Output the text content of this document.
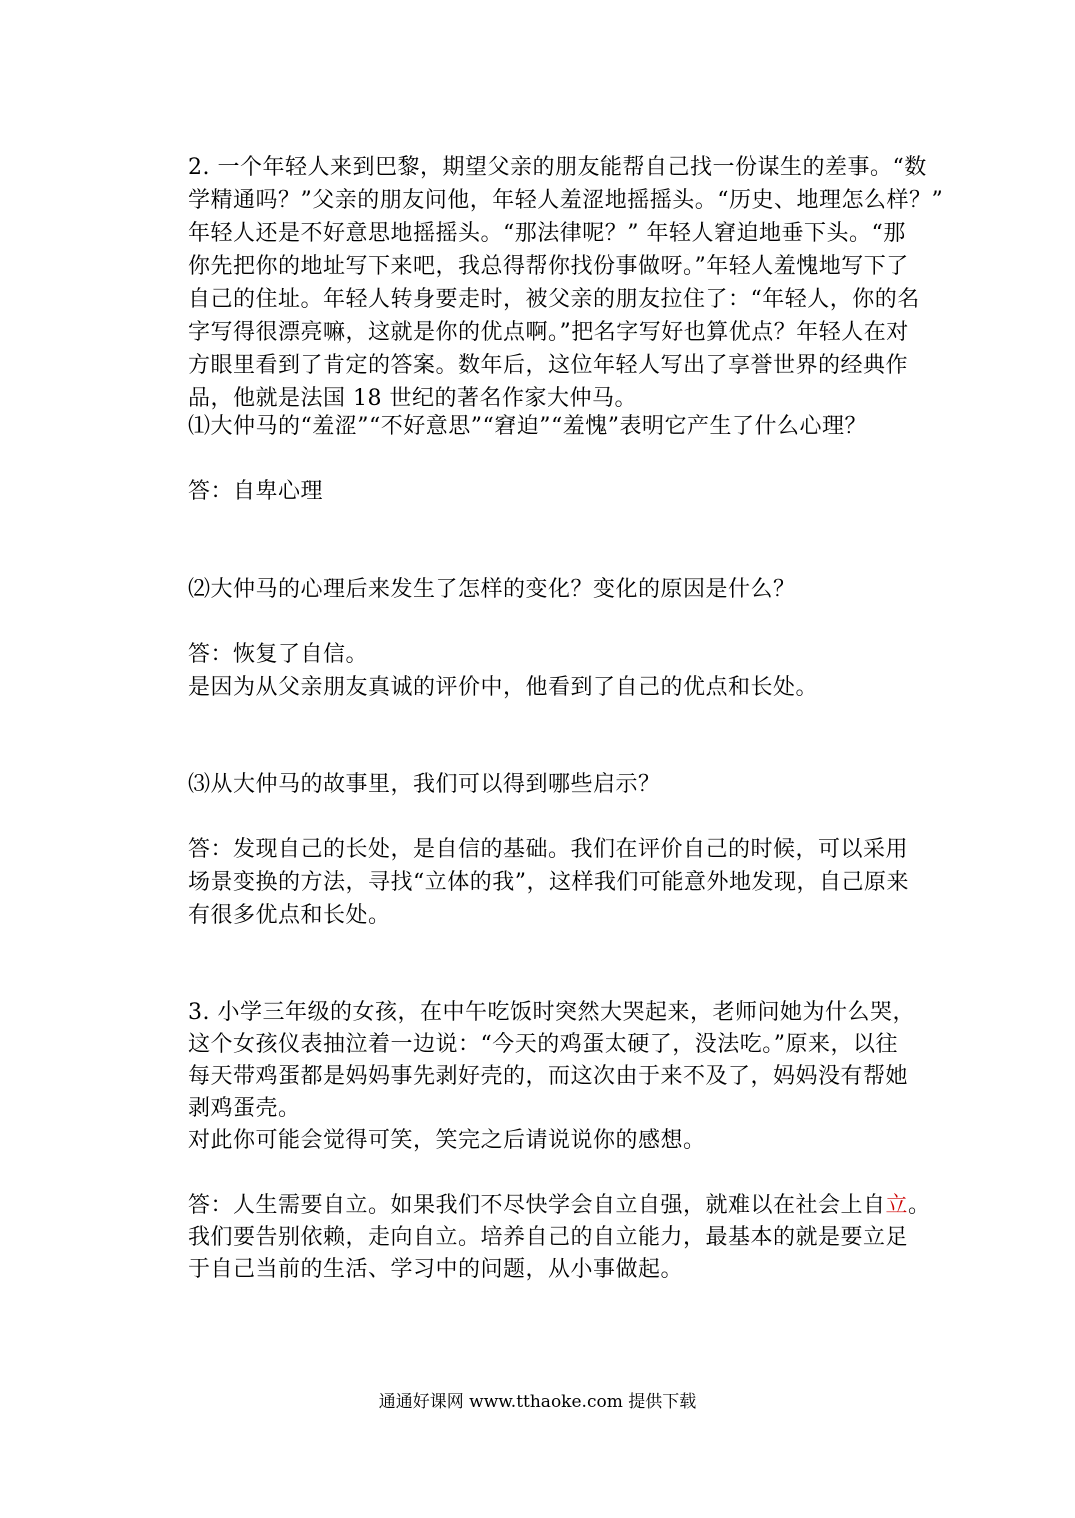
2. 一个年轻人来到巴黎，期望父亲的朋友能帮自己找一份谋生的差事。“数
学精通吗？”父亲的朋友问他，年轻人羞涩地摇摇头。“历史、地理怎么样？”
年轻人还是不好意思地摇摇头。“那法律呢？” 年轻人窘迫地垂下头。“那
你先把你的地址写下来吧，我总得帮你找份事做呀。”年轻人羞愧地写下了
自己的住址。年轻人转身要走时，被父亲的朋友拉住了：“年轻人，你的名
字写得很漂亮嘛，这就是你的优点啊。”把名字写好也算优点？年轻人在对
方眼里看到了肯定的答案。数年后，这位年轻人写出了享誉世界的经典作
品，他就是法国 18 世纪的著名作家大仲马。
⑴大仲马的“羞涩”“不好意思”“窘迫”“羞愧”表明它产生了什么心理？
答：自卑心理
⑵大仲马的心理后来发生了怎样的变化？变化的原因是什么？
答：恢复了自信。
是因为从父亲朋友真诚的评价中，他看到了自己的优点和长处。
⑶从大仲马的故事里，我们可以得到哪些启示？
答：发现自己的长处，是自信的基础。我们在评价自己的时候，可以采用
场景变换的方法，寻找“立体的我”，这样我们可能意外地发现，自己原来
有很多优点和长处。
3. 小学三年级的女孩，在中午吃饭时突然大哭起来，老师问她为什么哭，
这个女孩仪表抽泣着一边说：“今天的鸡蛋太硬了，没法吃。”原来，以往
每天带鸡蛋都是妈妈事先剥好壳的，而这次由于来不及了，妈妈没有帮她
剥鸡蛋壳。
对此你可能会觉得可笑，笑完之后请说说你的感想。
答：人生需要自立。如果我们不尽快学会自立自强，就难以在社会上自立。
我们要告别依赖，走向自立。培养自己的自立能力，最基本的就是要立足
于自己当前的生活、学习中的问题，从小事做起。
通通好课网 www.tthaoke.com 提供下载
